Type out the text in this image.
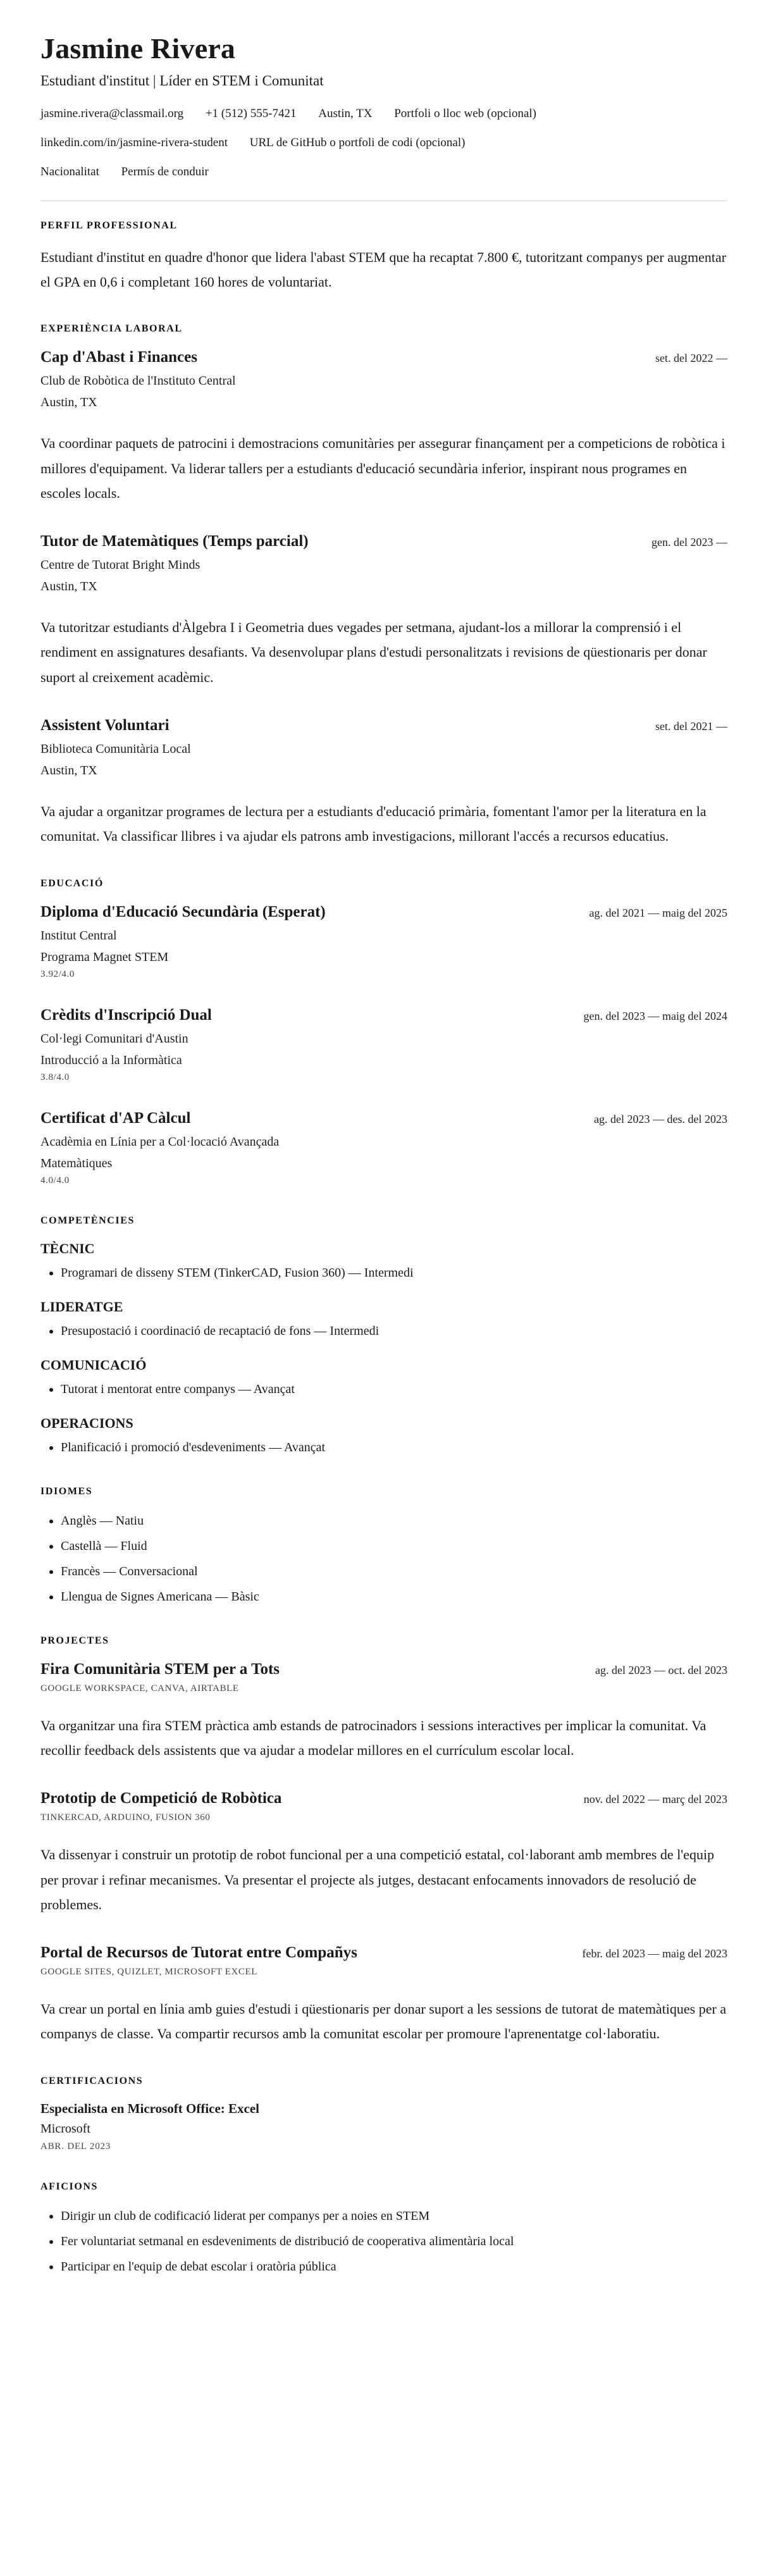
Jasmine Rivera
Estudiant d'institut | Líder en STEM i Comunitat
jasmine.rivera@classmail.org +1 (512) 555-7421 Austin, TX Portfoli o lloc web (opcional)
linkedin.com/in/jasmine-rivera-student URL de GitHub o portfoli de codi (opcional)
Nacionalitat Permís de conduir
PERFIL PROFESSIONAL

Estudiant d'institut en quadre d'honor que lidera l'abast STEM que ha recaptat 7.800 €, tutoritzant companys per augmentar el GPA en 0,6 i completant 160 hores de voluntariat.

EXPERIÈNCIA LABORAL
Cap d'Abast i Finances	set. del 2022 —
Club de Robòtica de l'Instituto Central
Austin, TX

Va coordinar paquets de patrocini i demostracions comunitàries per assegurar finançament per a competicions de robòtica i millores d'equipament. Va liderar tallers per a estudiants d'educació secundària inferior, inspirant nous programes en escoles locals.

Tutor de Matemàtiques (Temps parcial)	gen. del 2023 —
Centre de Tutorat Bright Minds
Austin, TX

Va tutoritzar estudiants d'Àlgebra I i Geometria dues vegades per setmana, ajudant-los a millorar la comprensió i el rendiment en assignatures desafiants. Va desenvolupar plans d'estudi personalitzats i revisions de qüestionaris per donar suport al creixement acadèmic.

Assistent Voluntari	set. del 2021 —
Biblioteca Comunitària Local
Austin, TX

Va ajudar a organitzar programes de lectura per a estudiants d'educació primària, fomentant l'amor per la literatura en la comunitat. Va classificar llibres i va ajudar els patrons amb investigacions, millorant l'accés a recursos educatius.

EDUCACIÓ
Diploma d'Educació Secundària (Esperat)	ag. del 2021 — maig del 2025
Institut Central
Programa Magnet STEM
3.92/4.0
Crèdits d'Inscripció Dual	gen. del 2023 — maig del 2024
Col·legi Comunitari d'Austin
Introducció a la Informàtica
3.8/4.0
Certificat d'AP Càlcul	ag. del 2023 — des. del 2023
Acadèmia en Línia per a Col·locació Avançada
Matemàtiques
4.0/4.0
COMPETÈNCIES
TÈCNIC
• Programari de disseny STEM (TinkerCAD, Fusion 360) — Intermedi
LIDERATGE
• Presupostació i coordinació de recaptació de fons — Intermedi
COMUNICACIÓ
• Tutorat i mentorat entre companys — Avançat
OPERACIONS
• Planificació i promoció d'esdeveniments — Avançat
IDIOMES
• Anglès — Natiu
• Castellà — Fluid
• Francès — Conversacional
• Llengua de Signes Americana — Bàsic
PROJECTES
Fira Comunitària STEM per a Tots	ag. del 2023 — oct. del 2023
GOOGLE WORKSPACE, CANVA, AIRTABLE

Va organitzar una fira STEM pràctica amb estands de patrocinadors i sessions interactives per implicar la comunitat. Va recollir feedback dels assistents que va ajudar a modelar millores en el currículum escolar local.

Prototip de Competició de Robòtica	nov. del 2022 — març del 2023
TINKERCAD, ARDUINO, FUSION 360

Va dissenyar i construir un prototip de robot funcional per a una competició estatal, col·laborant amb membres de l'equip per provar i refinar mecanismes. Va presentar el projecte als jutges, destacant enfocaments innovadors de resolució de problemes.

Portal de Recursos de Tutorat entre Compañys	febr. del 2023 — maig del 2023
GOOGLE SITES, QUIZLET, MICROSOFT EXCEL

Va crear un portal en línia amb guies d'estudi i qüestionaris per donar suport a les sessions de tutorat de matemàtiques per a companys de classe. Va compartir recursos amb la comunitat escolar per promoure l'aprenentatge col·laboratiu.

CERTIFICACIONS
Especialista en Microsoft Office: Excel
Microsoft
ABR. DEL 2023
AFICIONS
• Dirigir un club de codificació liderat per companys per a noies en STEM
• Fer voluntariat setmanal en esdeveniments de distribució de cooperativa alimentària local
• Participar en l'equip de debat escolar i oratòria pública
